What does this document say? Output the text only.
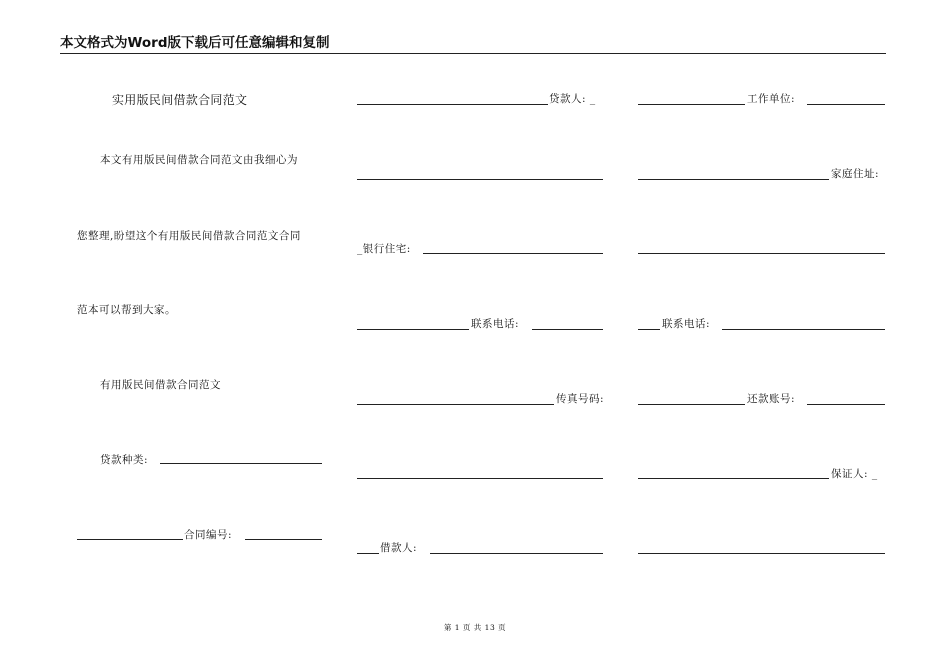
本文格式为Word版下载后可任意编辑和复制
实用版民间借款合同范文
本文有用版民间借款合同范文由我细心为
您整理,盼望这个有用版民间借款合同范文合同
范本可以帮到大家。
有用版民间借款合同范文
贷款种类:
合同编号:
贷款人: _
_银行住宅:
联系电话:
传真号码:
借款人:
工作单位:
家庭住址:
联系电话:
还款账号:
保证人: _
第 1 页 共 13 页
